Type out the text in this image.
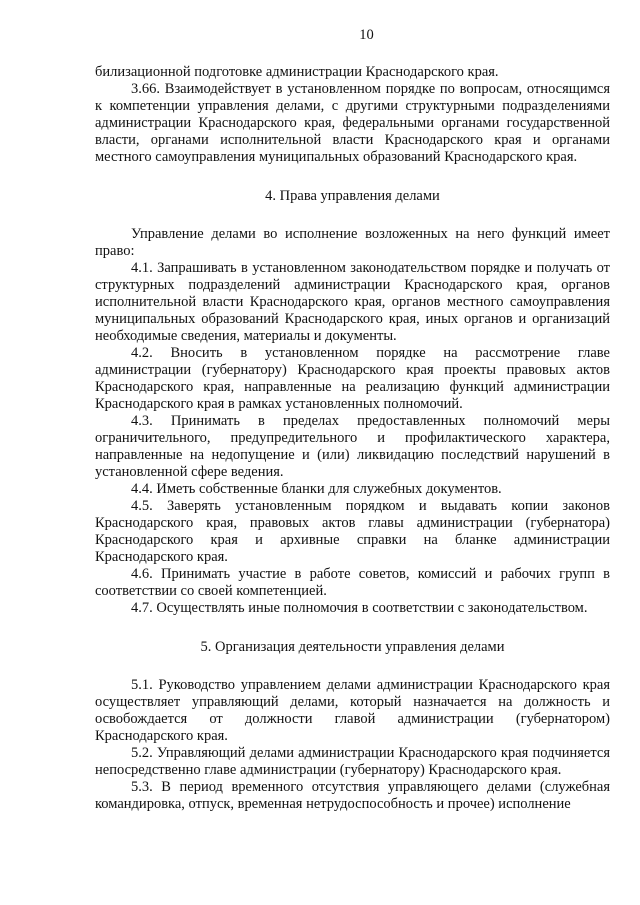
10

билизационной подготовке администрации Краснодарского края.

3.66. Взаимодействует в установленном порядке по вопросам, относящимся к компетенции управления делами, с другими структурными подразделениями администрации Краснодарского края, федеральными органами государственной власти, органами исполнительной власти Краснодарского края и органами местного самоуправления муниципальных образований Краснодарского края.

4. Права управления делами

Управление делами во исполнение возложенных на него функций имеет право:

4.1. Запрашивать в установленном законодательством порядке и получать от структурных подразделений администрации Краснодарского края, органов исполнительной власти Краснодарского края, органов местного самоуправления муниципальных образований Краснодарского края, иных органов и организаций необходимые сведения, материалы и документы.

4.2. Вносить в установленном порядке на рассмотрение главе администрации (губернатору) Краснодарского края проекты правовых актов Краснодарского края, направленные на реализацию функций администрации Краснодарского края в рамках установленных полномочий.

4.3. Принимать в пределах предоставленных полномочий меры ограничительного, предупредительного и профилактического характера, направленные на недопущение и (или) ликвидацию последствий нарушений в установленной сфере ведения.

4.4. Иметь собственные бланки для служебных документов.

4.5. Заверять установленным порядком и выдавать копии законов Краснодарского края, правовых актов главы администрации (губернатора) Краснодарского края и архивные справки на бланке администрации Краснодарского края.

4.6. Принимать участие в работе советов, комиссий и рабочих групп в соответствии со своей компетенцией.

4.7. Осуществлять иные полномочия в соответствии с законодательством.

5. Организация деятельности управления делами

5.1. Руководство управлением делами администрации Краснодарского края осуществляет управляющий делами, который назначается на должность и освобождается от должности главой администрации (губернатором) Краснодарского края.

5.2. Управляющий делами администрации Краснодарского края подчиняется непосредственно главе администрации (губернатору) Краснодарского края.

5.3. В период временного отсутствия управляющего делами (служебная командировка, отпуск, временная нетрудоспособность и прочее) исполнение
